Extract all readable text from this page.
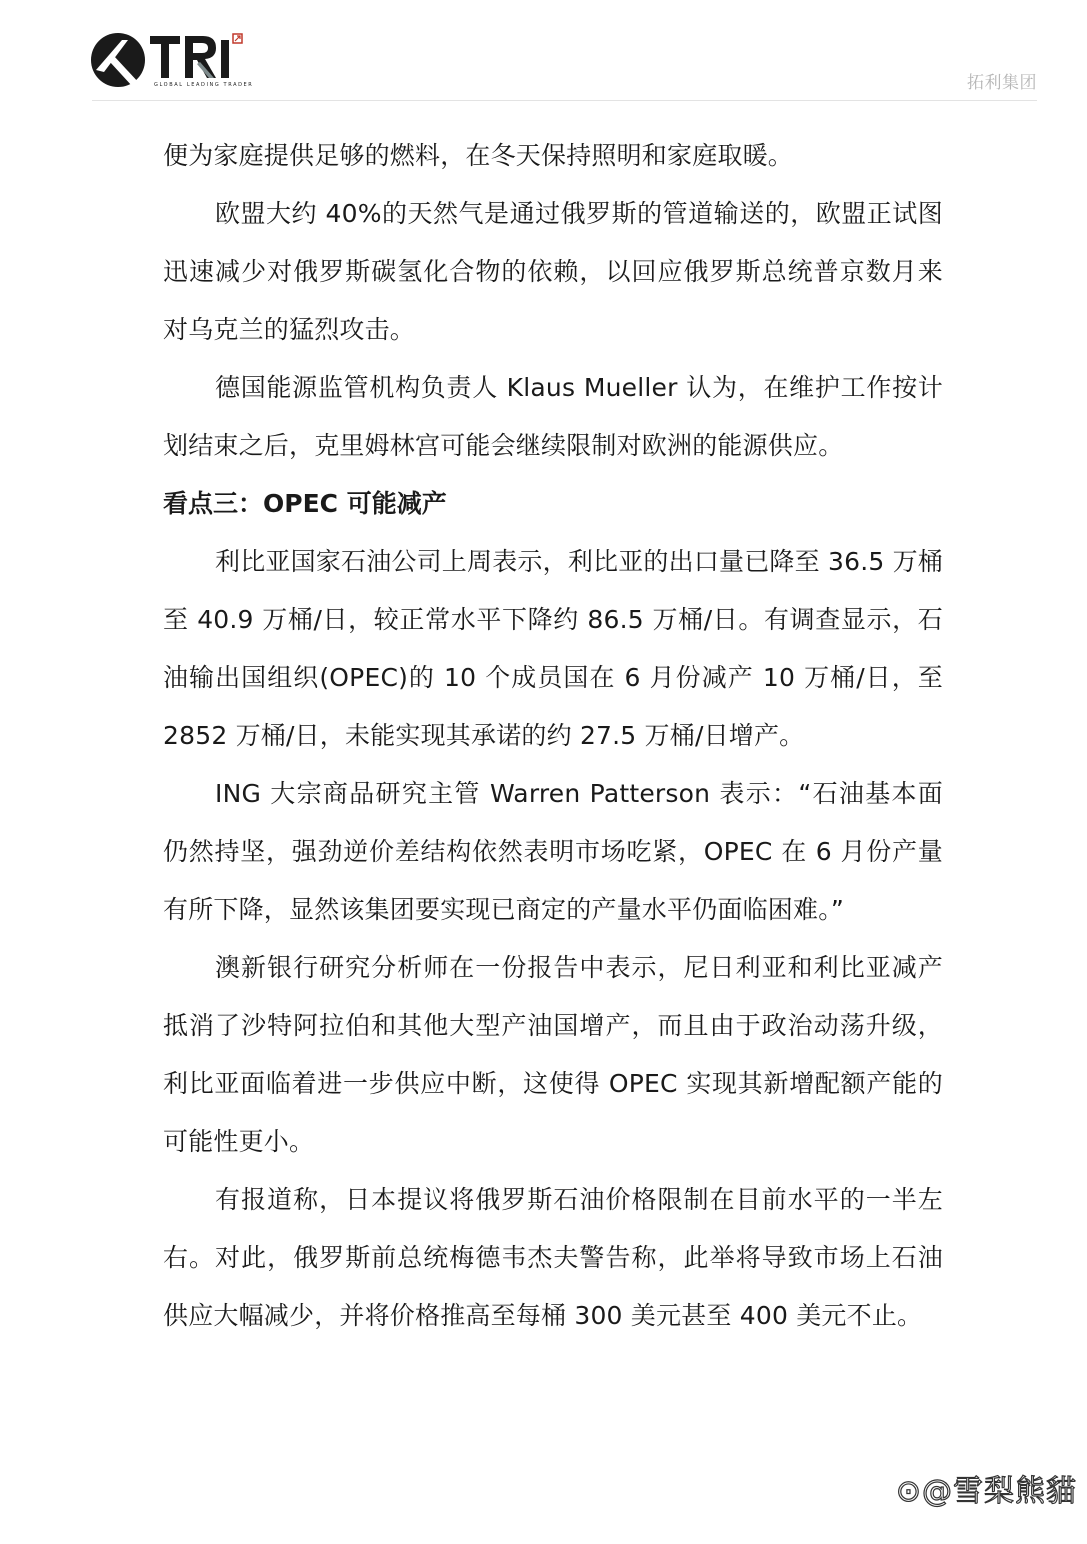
GLOBAL LEADING TRADER	拓利集团

便为家庭提供足够的燃料，在冬天保持照明和家庭取暖。

欧盟大约 40%的天然气是通过俄罗斯的管道输送的，欧盟正试图迅速减少对俄罗斯碳氢化合物的依赖，以回应俄罗斯总统普京数月来对乌克兰的猛烈攻击。

德国能源监管机构负责人 Klaus Mueller 认为，在维护工作按计划结束之后，克里姆林宫可能会继续限制对欧洲的能源供应。

看点三：OPEC 可能减产

利比亚国家石油公司上周表示，利比亚的出口量已降至 36.5 万桶至 40.9 万桶/日，较正常水平下降约 86.5 万桶/日。有调查显示，石油输出国组织(OPEC)的 10 个成员国在 6 月份减产 10 万桶/日，至 2852 万桶/日，未能实现其承诺的约 27.5 万桶/日增产。

ING 大宗商品研究主管 Warren Patterson 表示：“石油基本面仍然持坚，强劲逆价差结构依然表明市场吃紧，OPEC 在 6 月份产量有所下降，显然该集团要实现已商定的产量水平仍面临困难。”

澳新银行研究分析师在一份报告中表示，尼日利亚和利比亚减产抵消了沙特阿拉伯和其他大型产油国增产，而且由于政治动荡升级，利比亚面临着进一步供应中断，这使得 OPEC 实现其新增配额产能的可能性更小。

有报道称，日本提议将俄罗斯石油价格限制在目前水平的一半左右。对此，俄罗斯前总统梅德韦杰夫警告称，此举将导致市场上石油供应大幅减少，并将价格推高至每桶 300 美元甚至 400 美元不止。

⊙@雪梨熊貓
